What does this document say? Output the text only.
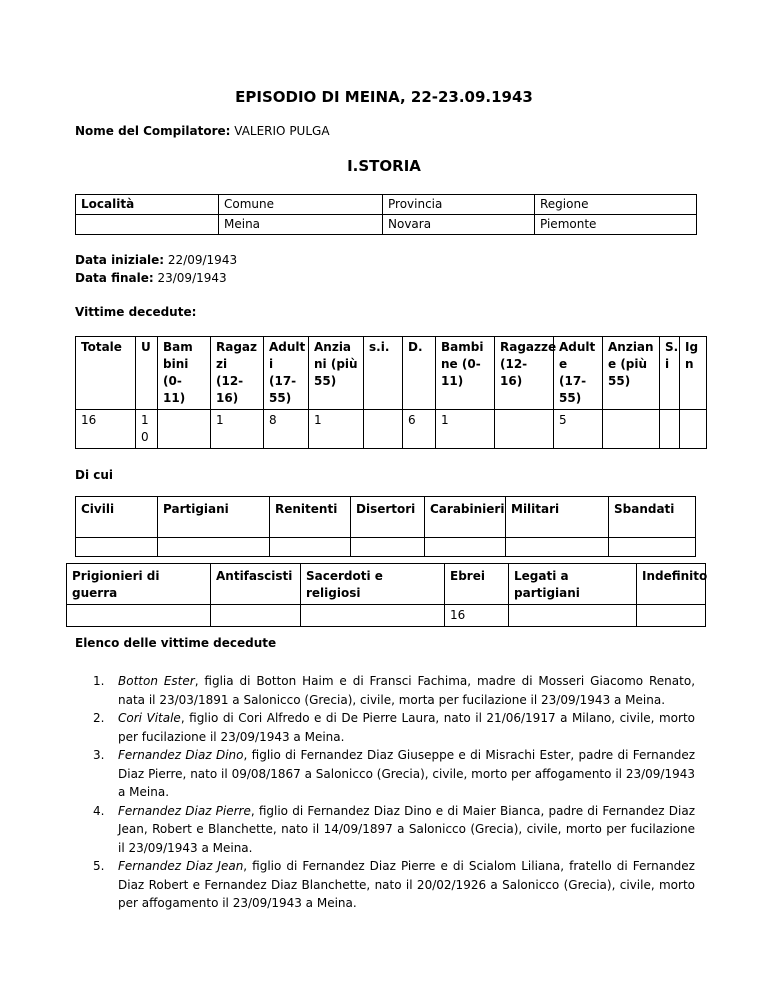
EPISODIO DI MEINA, 22-23.09.1943
Nome del Compilatore: VALERIO PULGA
I.STORIA
Località	Comune	Provincia	Regione
	Meina	Novara	Piemonte
Data iniziale: 22/09/1943
Data finale: 23/09/1943
Vittime decedute:
Totale	U	Bam bini (0- 11)	Ragaz zi (12- 16)	Adult i (17- 55)	Anzia ni (più 55)	s.i.	D.	Bambi ne (0- 11)	Ragazze (12-16)	Adult e (17- 55)	Anzian e (più 55)	S. i	Ig n
16	1 0		1	8	1		6	1		5			
Di cui
Civili	Partigiani	Renitenti	Disertori	Carabinieri	Militari	Sbandati

Prigionieri di guerra	Antifascisti	Sacerdoti e religiosi	Ebrei	Legati a partigiani	Indefinito
			16		
Elenco delle vittime decedute
1. Botton Ester, figlia di Botton Haim e di Fransci Fachima, madre di Mosseri Giacomo Renato, nata il 23/03/1891 a Salonicco (Grecia), civile, morta per fucilazione il 23/09/1943 a Meina.
2. Cori Vitale, figlio di Cori Alfredo e di De Pierre Laura, nato il 21/06/1917 a Milano, civile, morto per fucilazione il 23/09/1943 a Meina.
3. Fernandez Diaz Dino, figlio di Fernandez Diaz Giuseppe e di Misrachi Ester, padre di Fernandez Diaz Pierre, nato il 09/08/1867 a Salonicco (Grecia), civile, morto per affogamento il 23/09/1943 a Meina.
4. Fernandez Diaz Pierre, figlio di Fernandez Diaz Dino e di Maier Bianca, padre di Fernandez Diaz Jean, Robert e Blanchette, nato il 14/09/1897 a Salonicco (Grecia), civile, morto per fucilazione il 23/09/1943 a Meina.
5. Fernandez Diaz Jean, figlio di Fernandez Diaz Pierre e di Scialom Liliana, fratello di Fernandez Diaz Robert e Fernandez Diaz Blanchette, nato il 20/02/1926 a Salonicco (Grecia), civile, morto per affogamento il 23/09/1943 a Meina.
